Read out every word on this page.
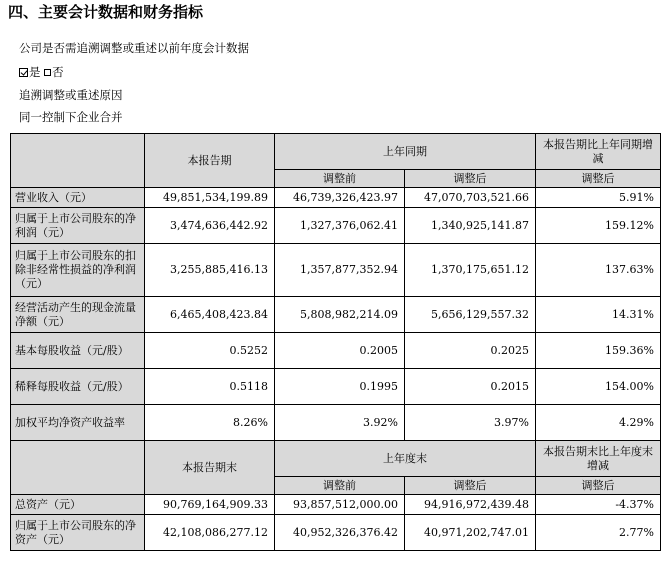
四、主要会计数据和财务指标
公司是否需追溯调整或重述以前年度会计数据
是 否
追溯调整或重述原因
同一控制下企业合并
	本报告期	上年同期		本报告期比上年同期增减
		调整前	调整后	调整后
营业收入（元）	49,851,534,199.89	46,739,326,423.97	47,070,703,521.66	5.91%
归属于上市公司股东的净利润（元）	3,474,636,442.92	1,327,376,062.41	1,340,925,141.87	159.12%
归属于上市公司股东的扣除非经常性损益的净利润（元）	3,255,885,416.13	1,357,877,352.94	1,370,175,651.12	137.63%
经营活动产生的现金流量净额（元）	6,465,408,423.84	5,808,982,214.09	5,656,129,557.32	14.31%
基本每股收益（元/股）	0.5252	0.2005	0.2025	159.36%
稀释每股收益（元/股）	0.5118	0.1995	0.2015	154.00%
加权平均净资产收益率	8.26%	3.92%	3.97%	4.29%
	本报告期末	上年度末		本报告期末比上年度末增减
		调整前	调整后	调整后
总资产（元）	90,769,164,909.33	93,857,512,000.00	94,916,972,439.48	-4.37%
归属于上市公司股东的净资产（元）	42,108,086,277.12	40,952,326,376.42	40,971,202,747.01	2.77%
